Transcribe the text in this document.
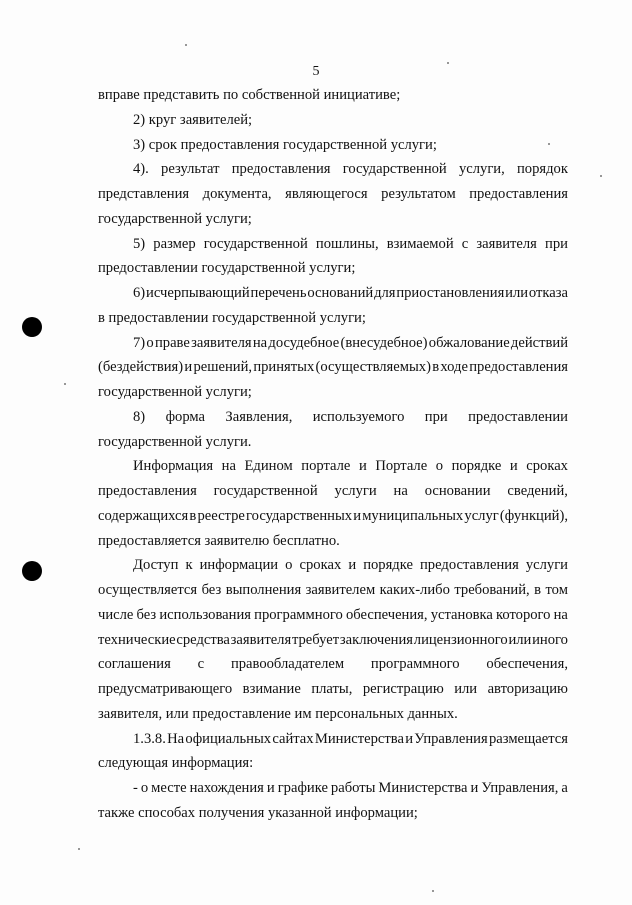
5
вправе представить по собственной инициативе;
2) круг заявителей;
3) срок предоставления государственной услуги;
4). результат предоставления государственной услуги, порядок
представления документа, являющегося результатом предоставления
государственной услуги;
5) размер государственной пошлины, взимаемой с заявителя при
предоставлении государственной услуги;
6) исчерпывающий перечень оснований для приостановления или отказа
в предоставлении государственной услуги;
7) о праве заявителя на досудебное (внесудебное) обжалование действий
(бездействия) и решений, принятых (осуществляемых) в ходе предоставления
государственной услуги;
8) форма Заявления, используемого при предоставлении
государственной услуги.
Информация на Едином портале и Портале о порядке и сроках
предоставления государственной услуги на основании сведений,
содержащихся в реестре государственных и муниципальных услуг (функций),
предоставляется заявителю бесплатно.
Доступ к информации о сроках и порядке предоставления услуги
осуществляется без выполнения заявителем каких-либо требований, в том
числе без использования программного обеспечения, установка которого на
технические средства заявителя требует заключения лицензионного или иного
соглашения с правообладателем программного обеспечения,
предусматривающего взимание платы, регистрацию или авторизацию
заявителя, или предоставление им персональных данных.
1.3.8. На официальных сайтах Министерства и Управления размещается
следующая информация:
- о месте нахождения и графике работы Министерства и Управления, а
также способах получения указанной информации;
